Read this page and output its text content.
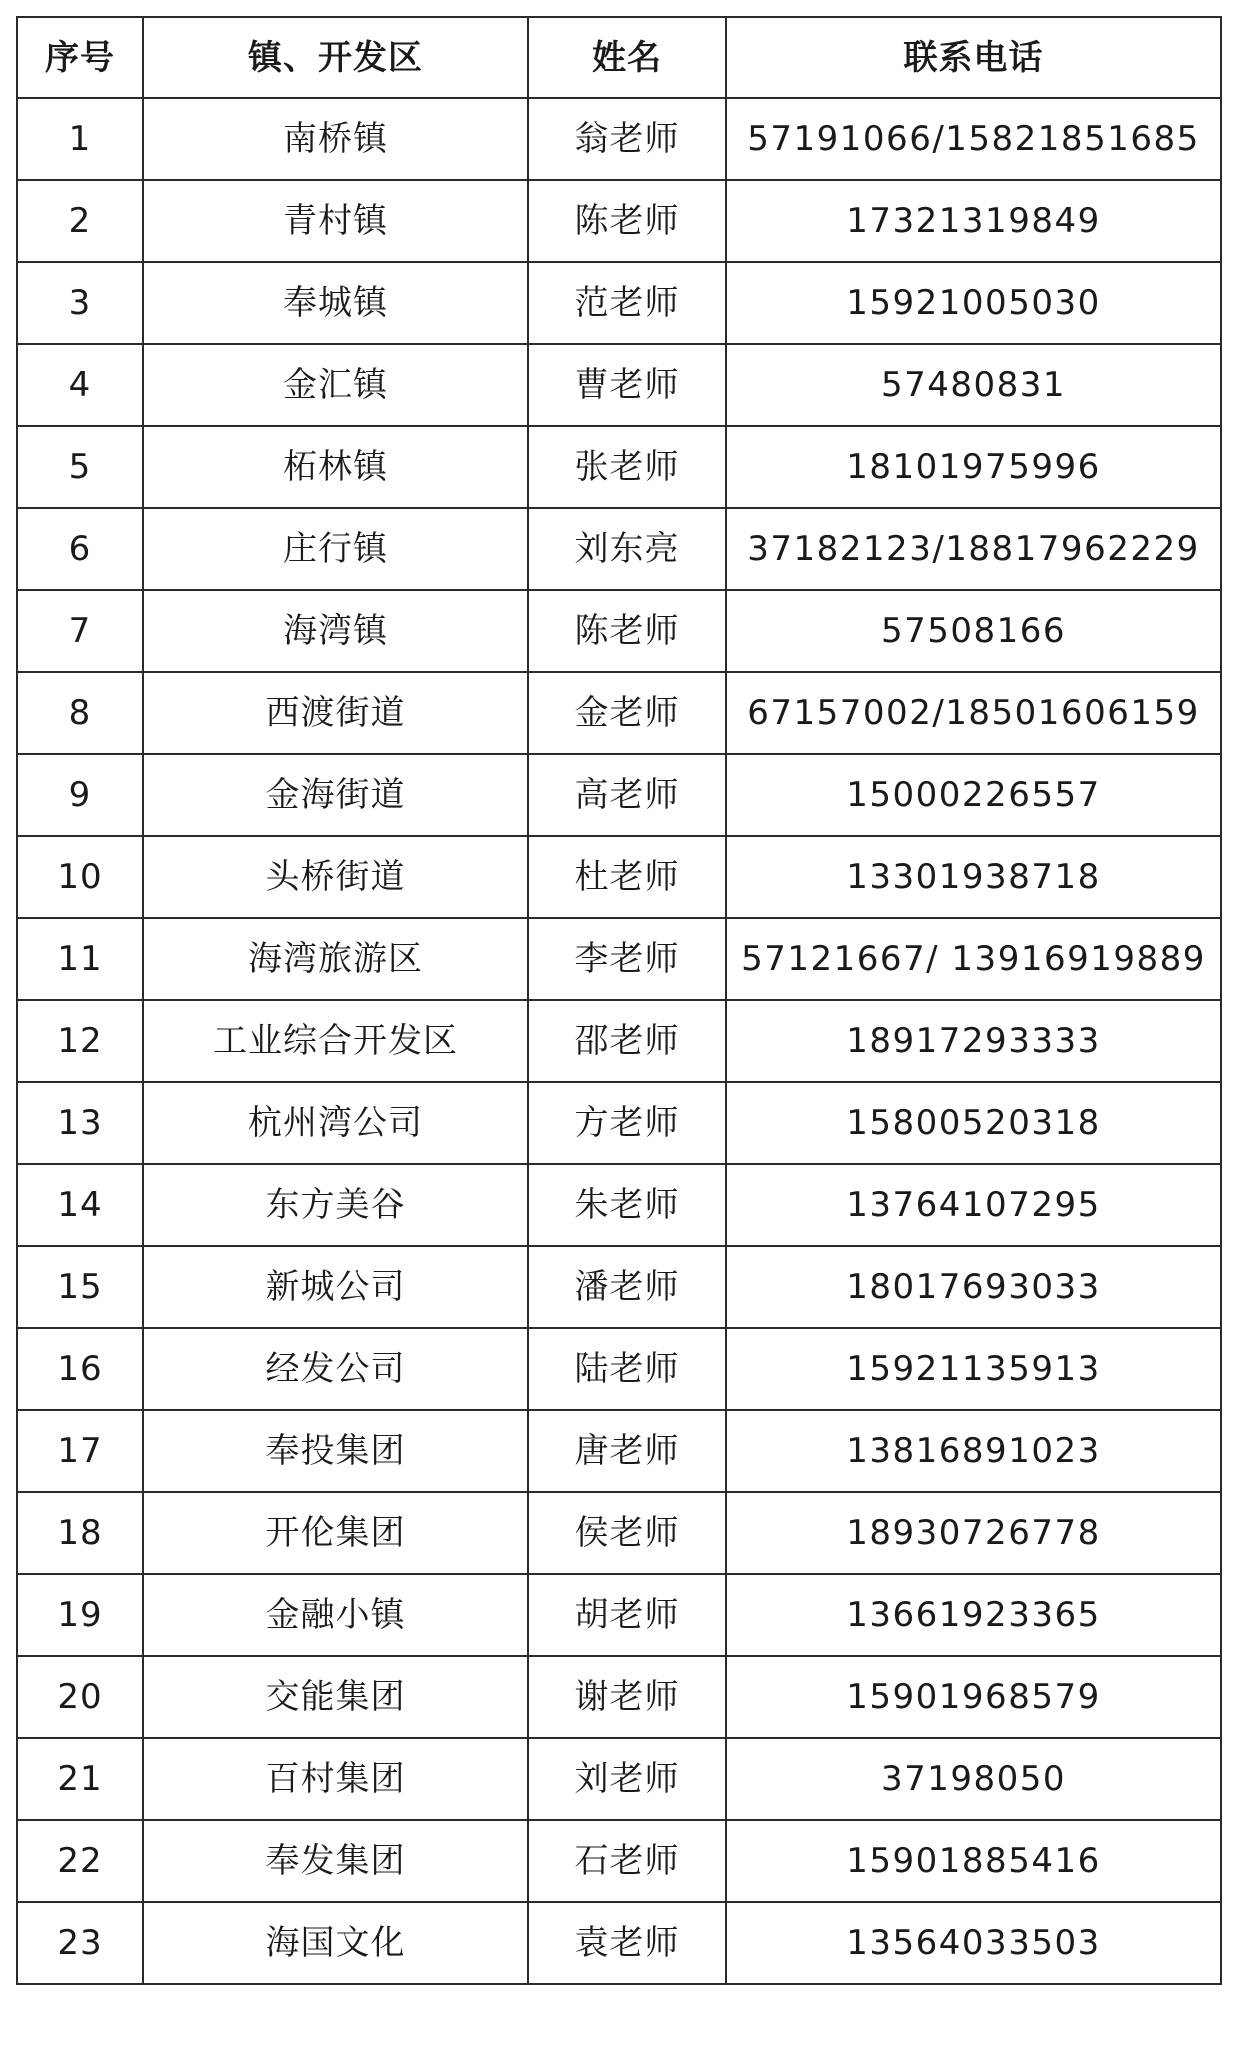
序号	镇、开发区	姓名	联系电话
1	南桥镇	翁老师	57191066/15821851685
2	青村镇	陈老师	17321319849
3	奉城镇	范老师	15921005030
4	金汇镇	曹老师	57480831
5	柘林镇	张老师	18101975996
6	庄行镇	刘东亮	37182123/18817962229
7	海湾镇	陈老师	57508166
8	西渡街道	金老师	67157002/18501606159
9	金海街道	高老师	15000226557
10	头桥街道	杜老师	13301938718
11	海湾旅游区	李老师	57121667/ 13916919889
12	工业综合开发区	邵老师	18917293333
13	杭州湾公司	方老师	15800520318
14	东方美谷	朱老师	13764107295
15	新城公司	潘老师	18017693033
16	经发公司	陆老师	15921135913
17	奉投集团	唐老师	13816891023
18	开伦集团	侯老师	18930726778
19	金融小镇	胡老师	13661923365
20	交能集团	谢老师	15901968579
21	百村集团	刘老师	37198050
22	奉发集团	石老师	15901885416
23	海国文化	袁老师	13564033503
